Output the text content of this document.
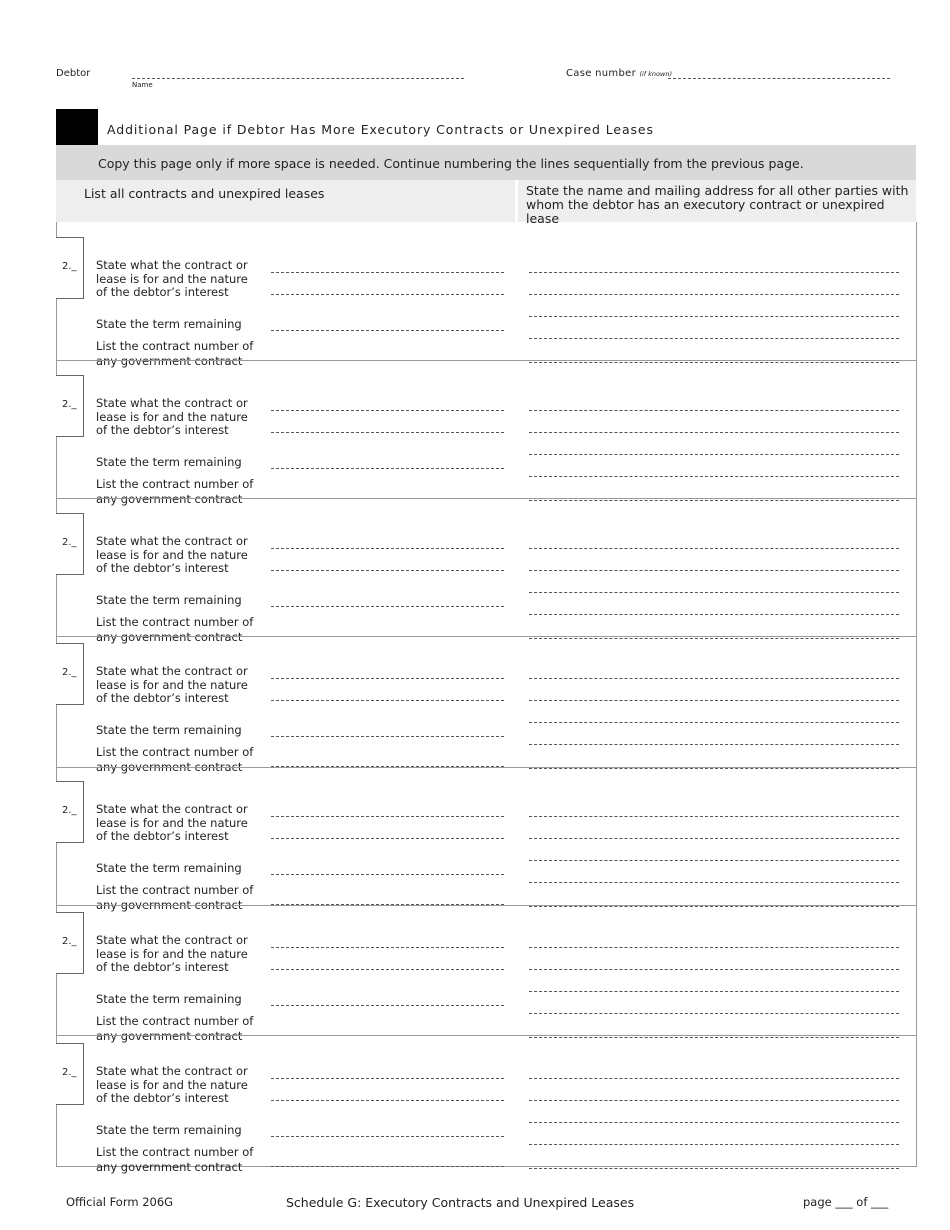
Debtor
Name
Case number (if known)
Additional Page if Debtor Has More Executory Contracts or Unexpired Leases
Copy this page only if more space is needed. Continue numbering the lines sequentially from the previous page.
List all contracts and unexpired leases	State the name and mailing address for all other parties with whom the debtor has an executory contract or unexpired lease
2._ State what the contract or
lease is for and the nature
of the debtor’s interest
State the term remaining
List the contract number of
any government contract
2._ State what the contract or
lease is for and the nature
of the debtor’s interest
State the term remaining
List the contract number of
any government contract
2._ State what the contract or
lease is for and the nature
of the debtor’s interest
State the term remaining
List the contract number of
any government contract
2._ State what the contract or
lease is for and the nature
of the debtor’s interest
State the term remaining
List the contract number of
any government contract
2._ State what the contract or
lease is for and the nature
of the debtor’s interest
State the term remaining
List the contract number of
any government contract
2._ State what the contract or
lease is for and the nature
of the debtor’s interest
State the term remaining
List the contract number of
any government contract
2._ State what the contract or
lease is for and the nature
of the debtor’s interest
State the term remaining
List the contract number of
any government contract
Official Form 206G	Schedule G: Executory Contracts and Unexpired Leases	page ___ of ___
